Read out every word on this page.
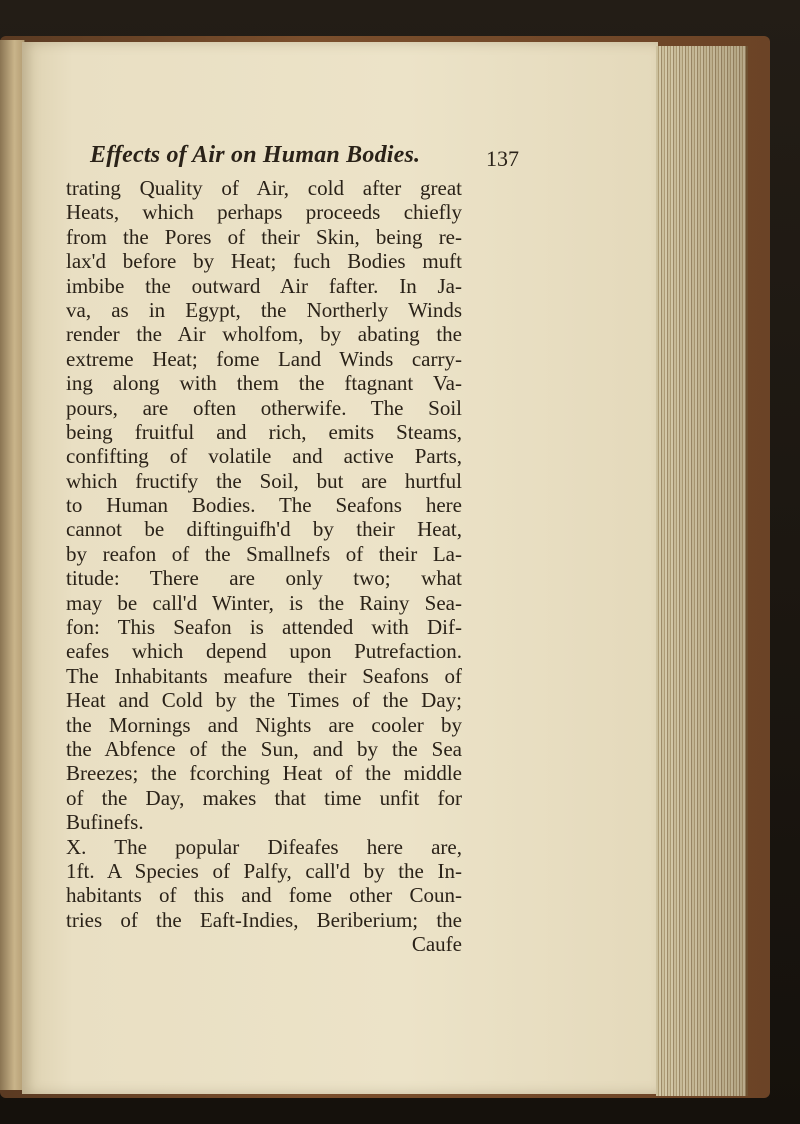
Effects of Air on Human Bodies.	137
trating Quality of Air, cold after great
Heats, which perhaps proceeds chiefly
from the Pores of their Skin, being re-
lax'd before by Heat; fuch Bodies muft
imbibe the outward Air fafter. In Ja-
va, as in Egypt, the Northerly Winds
render the Air wholfom, by abating the
extreme Heat; fome Land Winds carry-
ing along with them the ftagnant Va-
pours, are often otherwife. The Soil
being fruitful and rich, emits Steams,
confifting of volatile and active Parts,
which fructify the Soil, but are hurtful
to Human Bodies. The Seafons here
cannot be diftinguifh'd by their Heat,
by reafon of the Smallnefs of their La-
titude: There are only two; what
may be call'd Winter, is the Rainy Sea-
fon: This Seafon is attended with Dif-
eafes which depend upon Putrefaction.
The Inhabitants meafure their Seafons of
Heat and Cold by the Times of the Day;
the Mornings and Nights are cooler by
the Abfence of the Sun, and by the Sea
Breezes; the fcorching Heat of the middle
of the Day, makes that time unfit for
Bufinefs.
X. The popular Difeafes here are,
1ft. A Species of Palfy, call'd by the In-
habitants of this and fome other Coun-
tries of the Eaft-Indies, Beriberium; the
Caufe
